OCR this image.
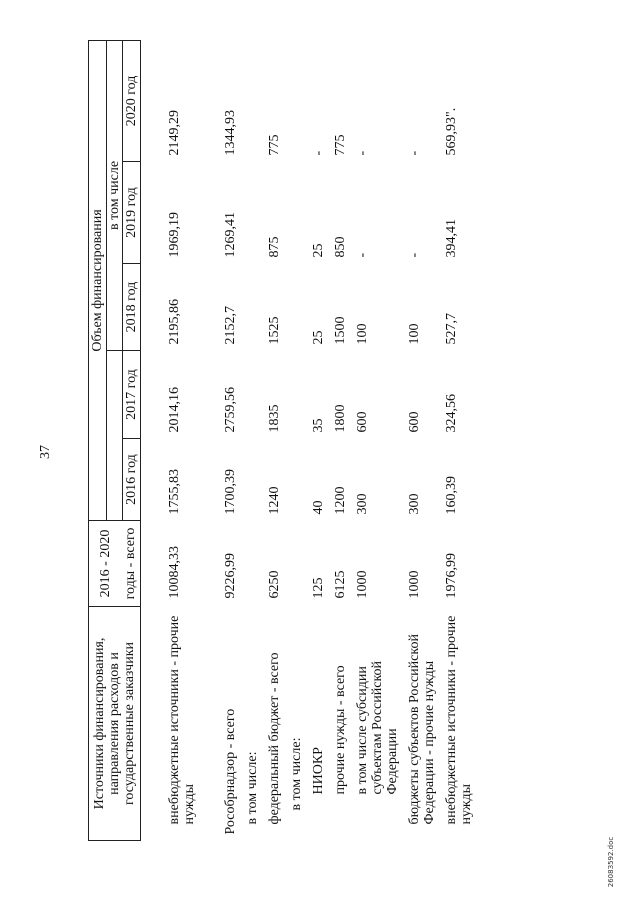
37
2608З592.doc
Источники финансирования, направления расходов и государственные заказчики	2016 - 2020	Объем финансирования				
				в том числе		
	годы - всего	2016 год	2017 год	2018 год	2019 год	2020 год
внебюджетные источники - прочие нужды	10084,33	1755,83	2014,16	2195,86	1969,19	2149,29
Рособрнадзор - всего	9226,99	1700,39	2759,56	2152,7	1269,41	1344,93
в том числе:						
федеральный бюджет - всего	6250	1240	1835	1525	875	775
в том числе:						
НИОКР	125	40	35	25	25	-
прочие нужды - всего	6125	1200	1800	1500	850	775
в том числе субсидии субъектам Российской Федерации	1000	300	600	100	-	-
бюджеты субъектов Российской Федерации - прочие нужды	1000	300	600	100	-	-
внебюджетные источники - прочие нужды	1976,99	160,39	324,56	527,7	394,41	569,93".
